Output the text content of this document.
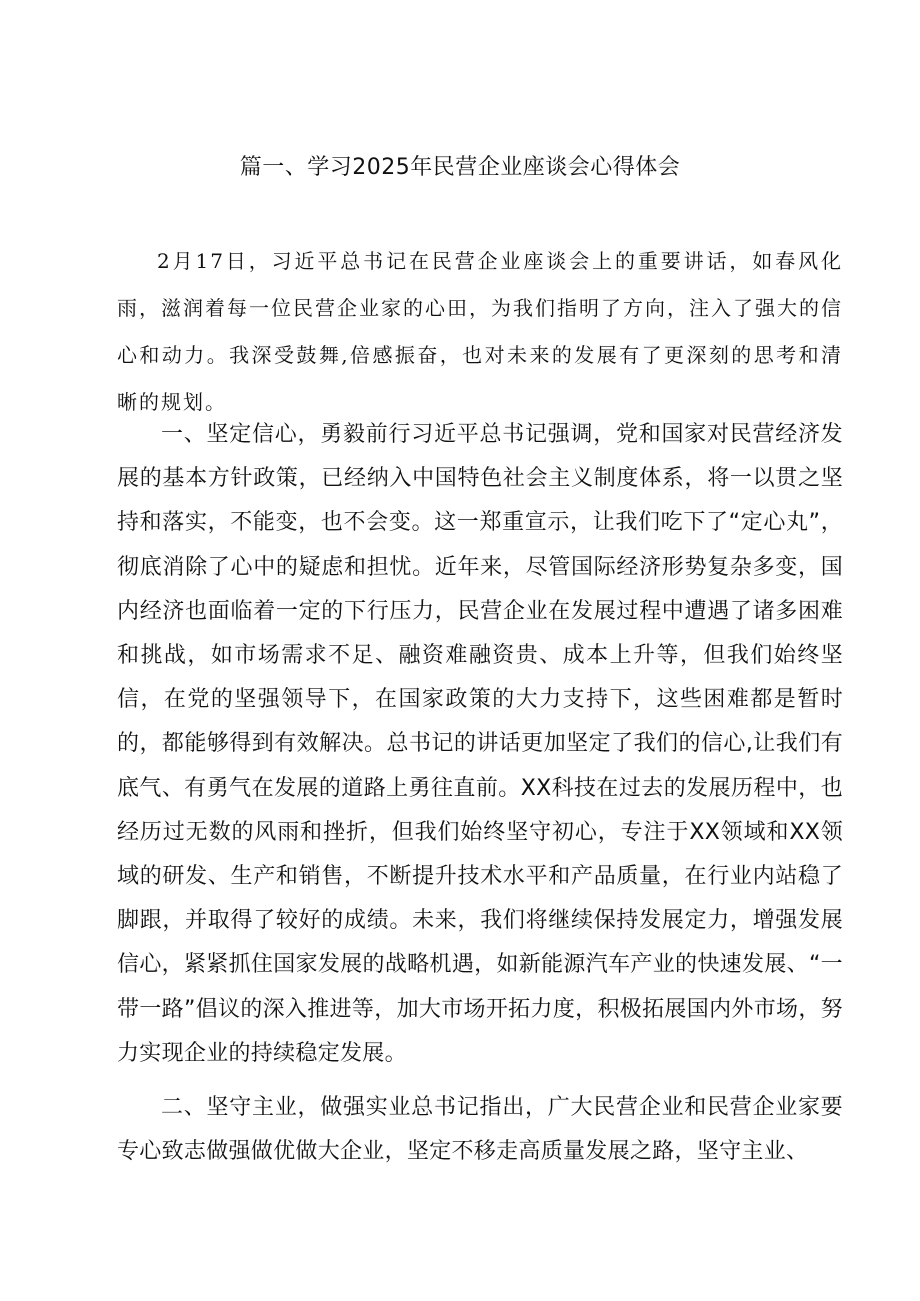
篇一、学习2025年民营企业座谈会心得体会

2月17日，习近平总书记在民营企业座谈会上的重要讲话，如春风化雨，滋润着每一位民营企业家的心田，为我们指明了方向，注入了强大的信心和动力。我深受鼓舞,倍感振奋，也对未来的发展有了更深刻的思考和清晰的规划。

一、坚定信心，勇毅前行习近平总书记强调，党和国家对民营经济发展的基本方针政策，已经纳入中国特色社会主义制度体系，将一以贯之坚持和落实，不能变，也不会变。这一郑重宣示，让我们吃下了“定心丸”，彻底消除了心中的疑虑和担忧。近年来，尽管国际经济形势复杂多变，国内经济也面临着一定的下行压力，民营企业在发展过程中遭遇了诸多困难和挑战，如市场需求不足、融资难融资贵、成本上升等，但我们始终坚信，在党的坚强领导下，在国家政策的大力支持下，这些困难都是暂时的，都能够得到有效解决。总书记的讲话更加坚定了我们的信心,让我们有底气、有勇气在发展的道路上勇往直前。XX科技在过去的发展历程中，也经历过无数的风雨和挫折，但我们始终坚守初心，专注于XX领域和XX领域的研发、生产和销售，不断提升技术水平和产品质量，在行业内站稳了脚跟，并取得了较好的成绩。未来，我们将继续保持发展定力，增强发展信心，紧紧抓住国家发展的战略机遇，如新能源汽车产业的快速发展、“一带一路”倡议的深入推进等，加大市场开拓力度，积极拓展国内外市场，努力实现企业的持续稳定发展。

二、坚守主业，做强实业总书记指出，广大民营企业和民营企业家要专心致志做强做优做大企业，坚定不移走高质量发展之路，坚守主业、
